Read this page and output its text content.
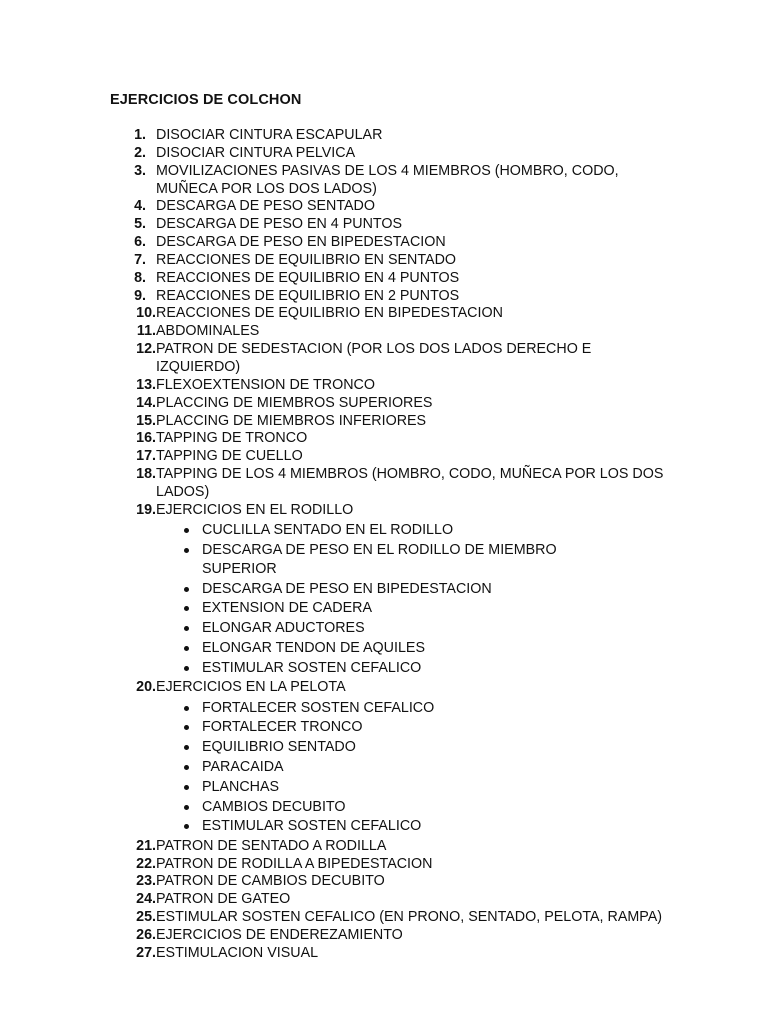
EJERCICIOS DE COLCHON
1. DISOCIAR CINTURA ESCAPULAR
2. DISOCIAR CINTURA PELVICA
3. MOVILIZACIONES PASIVAS DE LOS 4 MIEMBROS (HOMBRO, CODO, MUÑECA POR LOS DOS LADOS)
4. DESCARGA DE PESO SENTADO
5. DESCARGA DE PESO EN 4 PUNTOS
6. DESCARGA DE PESO EN BIPEDESTACION
7. REACCIONES DE EQUILIBRIO EN SENTADO
8. REACCIONES DE EQUILIBRIO EN 4 PUNTOS
9. REACCIONES DE EQUILIBRIO EN 2 PUNTOS
10. REACCIONES DE EQUILIBRIO EN BIPEDESTACION
11. ABDOMINALES
12. PATRON DE SEDESTACION (POR LOS DOS LADOS DERECHO E IZQUIERDO)
13. FLEXOEXTENSION DE TRONCO
14. PLACCING DE MIEMBROS SUPERIORES
15. PLACCING DE MIEMBROS INFERIORES
16. TAPPING DE TRONCO
17. TAPPING DE CUELLO
18. TAPPING DE LOS 4 MIEMBROS (HOMBRO, CODO, MUÑECA POR LOS DOS LADOS)
19. EJERCICIOS EN EL RODILLO
CUCLILLA SENTADO EN EL RODILLO
DESCARGA DE PESO EN EL RODILLO DE MIEMBRO SUPERIOR
DESCARGA DE PESO EN BIPEDESTACION
EXTENSION DE CADERA
ELONGAR ADUCTORES
ELONGAR TENDON DE AQUILES
ESTIMULAR SOSTEN CEFALICO
20. EJERCICIOS EN LA PELOTA
FORTALECER SOSTEN CEFALICO
FORTALECER TRONCO
EQUILIBRIO SENTADO
PARACAIDA
PLANCHAS
CAMBIOS DECUBITO
ESTIMULAR SOSTEN CEFALICO
21. PATRON DE SENTADO A RODILLA
22. PATRON DE RODILLA A BIPEDESTACION
23. PATRON DE CAMBIOS DECUBITO
24. PATRON DE GATEO
25. ESTIMULAR SOSTEN CEFALICO (EN PRONO, SENTADO, PELOTA, RAMPA)
26. EJERCICIOS DE ENDEREZAMIENTO
27. ESTIMULACION VISUAL
